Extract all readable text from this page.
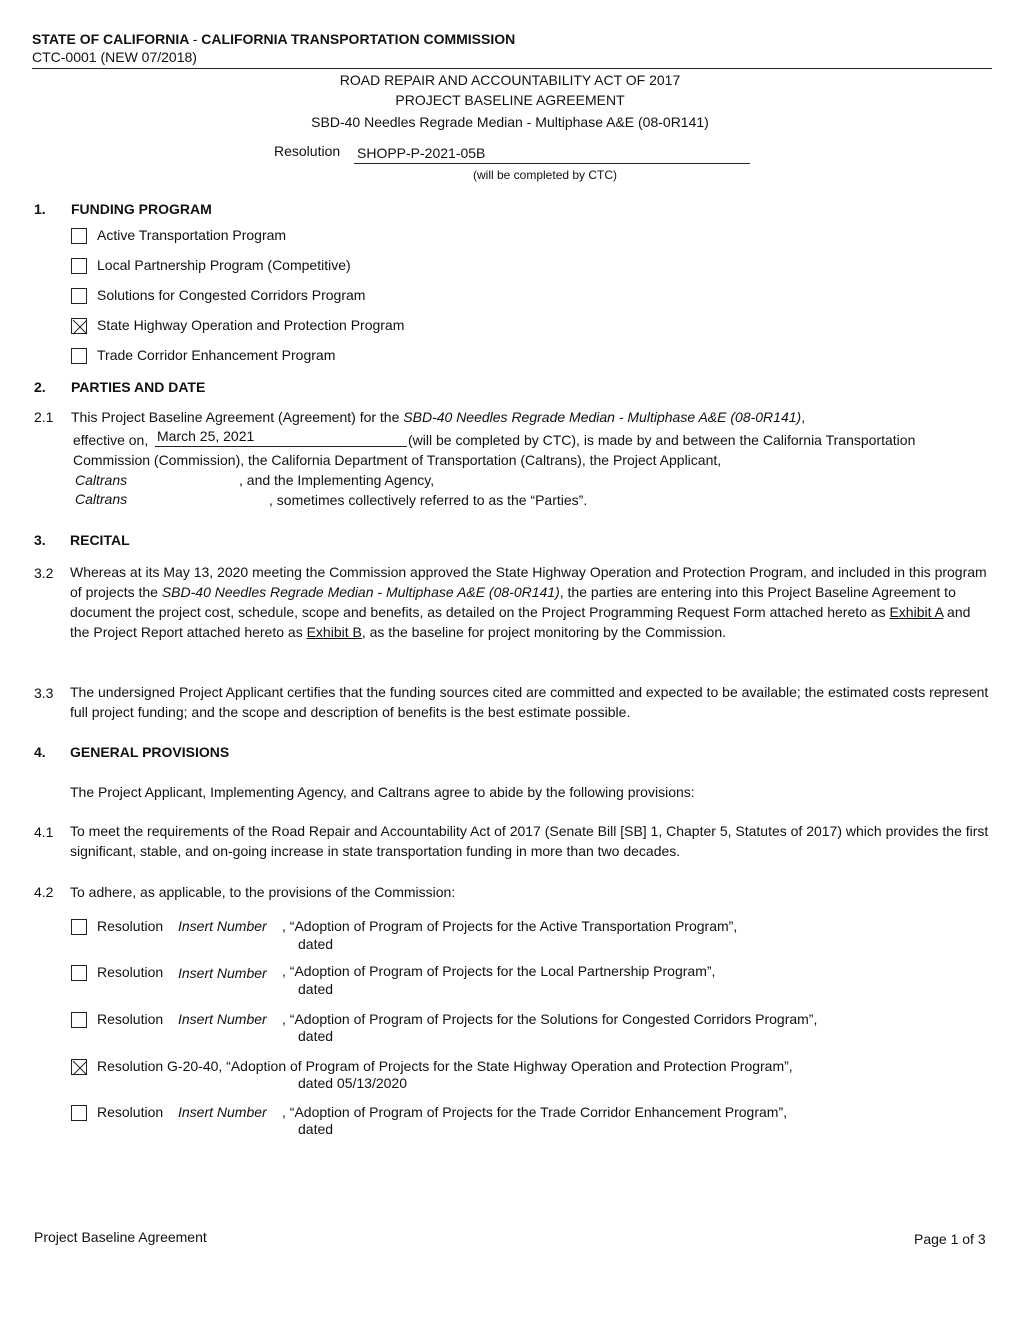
STATE OF CALIFORNIA - CALIFORNIA TRANSPORTATION COMMISSION
CTC-0001 (NEW 07/2018)
ROAD REPAIR AND ACCOUNTABILITY ACT OF 2017
PROJECT BASELINE AGREEMENT
SBD-40 Needles Regrade Median - Multiphase A&E (08-0R141)
Resolution SHOPP-P-2021-05B
(will be completed by CTC)
1. FUNDING PROGRAM
Active Transportation Program
Local Partnership Program (Competitive)
Solutions for Congested Corridors Program
State Highway Operation and Protection Program
Trade Corridor Enhancement Program
2. PARTIES AND DATE
2.1 This Project Baseline Agreement (Agreement) for the SBD-40 Needles Regrade Median - Multiphase A&E (08-0R141),
effective on, March 25, 2021	(will be completed by CTC), is made by and between the California Transportation
Commission (Commission), the California Department of Transportation (Caltrans), the Project Applicant,
Caltrans	, and the Implementing Agency,
Caltrans	, sometimes collectively referred to as the “Parties”.
3. RECITAL
3.2 Whereas at its May 13, 2020 meeting the Commission approved the State Highway Operation and Protection Program, and included in this program of projects the SBD-40 Needles Regrade Median - Multiphase A&E (08-0R141), the parties are entering into this Project Baseline Agreement to document the project cost, schedule, scope and benefits, as detailed on the Project Programming Request Form attached hereto as Exhibit A and the Project Report attached hereto as Exhibit B, as the baseline for project monitoring by the Commission.
3.3 The undersigned Project Applicant certifies that the funding sources cited are committed and expected to be available; the estimated costs represent full project funding; and the scope and description of benefits is the best estimate possible.
4. GENERAL PROVISIONS
The Project Applicant, Implementing Agency, and Caltrans agree to abide by the following provisions:
4.1 To meet the requirements of the Road Repair and Accountability Act of 2017 (Senate Bill [SB] 1, Chapter 5, Statutes of 2017) which provides the first significant, stable, and on-going increase in state transportation funding in more than two decades.
4.2 To adhere, as applicable, to the provisions of the Commission:
Resolution Insert Number , “Adoption of Program of Projects for the Active Transportation Program”,
dated
Resolution Insert Number , “Adoption of Program of Projects for the Local Partnership Program”,
dated
Resolution Insert Number , “Adoption of Program of Projects for the Solutions for Congested Corridors Program”,
dated
Resolution G-20-40, “Adoption of Program of Projects for the State Highway Operation and Protection Program”,
dated 05/13/2020
Resolution Insert Number , “Adoption of Program of Projects for the Trade Corridor Enhancement Program”,
dated
Project Baseline Agreement	Page 1 of 3
